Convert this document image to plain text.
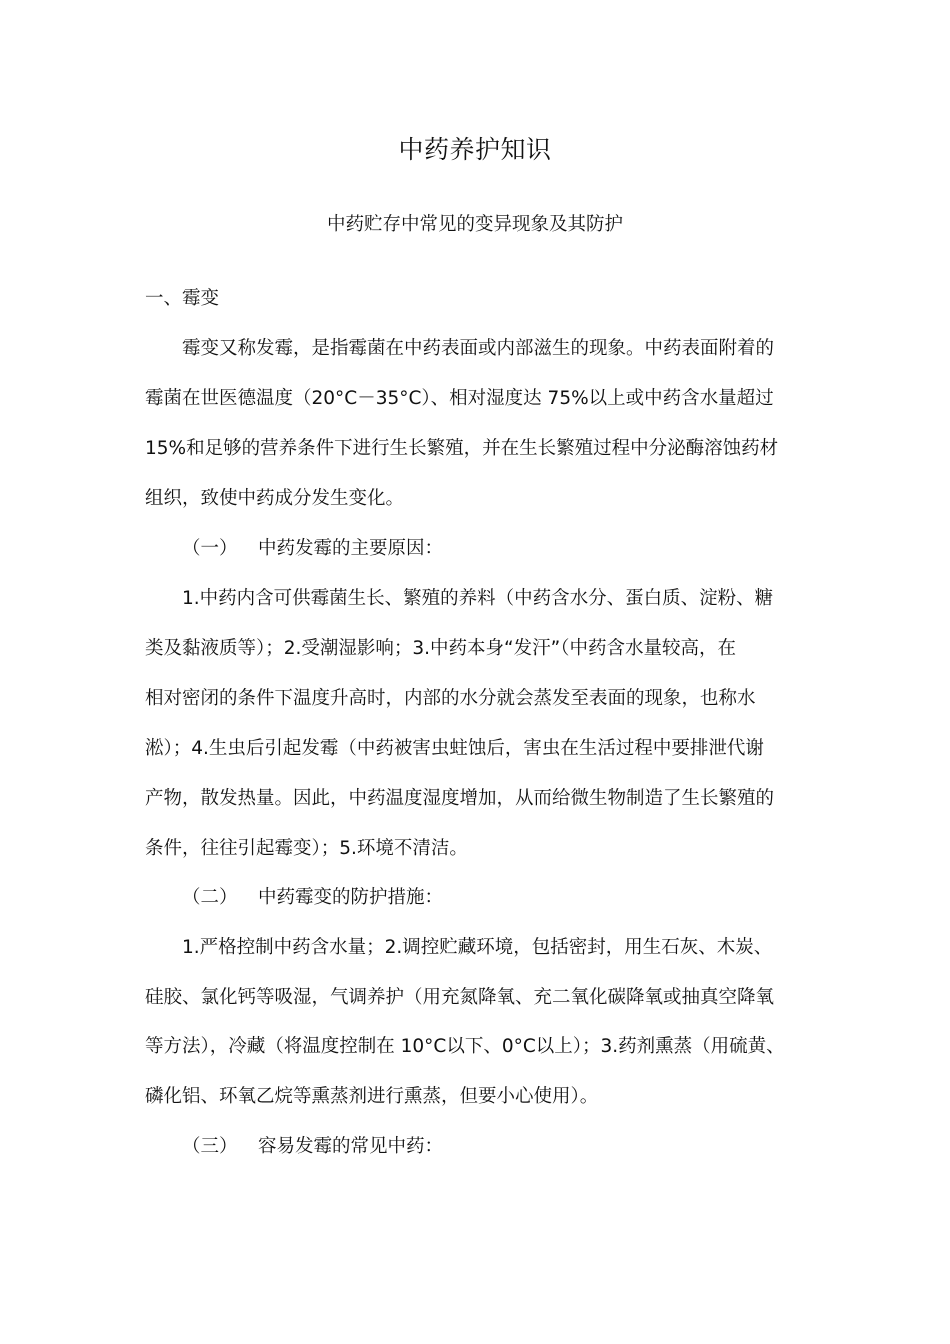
中药养护知识
中药贮存中常见的变异现象及其防护
一、霉变
霉变又称发霉，是指霉菌在中药表面或内部滋生的现象。中药表面附着的
霉菌在世医德温度（20°C－35°C）、相对湿度达 75%以上或中药含水量超过
15%和足够的营养条件下进行生长繁殖，并在生长繁殖过程中分泌酶溶蚀药材
组织，致使中药成分发生变化。
（一） 中药发霉的主要原因：
1.中药内含可供霉菌生长、繁殖的养料（中药含水分、蛋白质、淀粉、糖
类及黏液质等）；2.受潮湿影响；3.中药本身“发汗”（中药含水量较高，在
相对密闭的条件下温度升高时，内部的水分就会蒸发至表面的现象，也称水
淞）；4.生虫后引起发霉（中药被害虫蛀蚀后，害虫在生活过程中要排泄代谢
产物，散发热量。因此，中药温度湿度增加，从而给微生物制造了生长繁殖的
条件，往往引起霉变）；5.环境不清洁。
（二） 中药霉变的防护措施：
1.严格控制中药含水量；2.调控贮藏环境，包括密封，用生石灰、木炭、
硅胶、氯化钙等吸湿，气调养护（用充氮降氧、充二氧化碳降氧或抽真空降氧
等方法），冷藏（将温度控制在 10°C以下、0°C以上）；3.药剂熏蒸（用硫黄、
磷化铝、环氧乙烷等熏蒸剂进行熏蒸，但要小心使用）。
（三） 容易发霉的常见中药：
